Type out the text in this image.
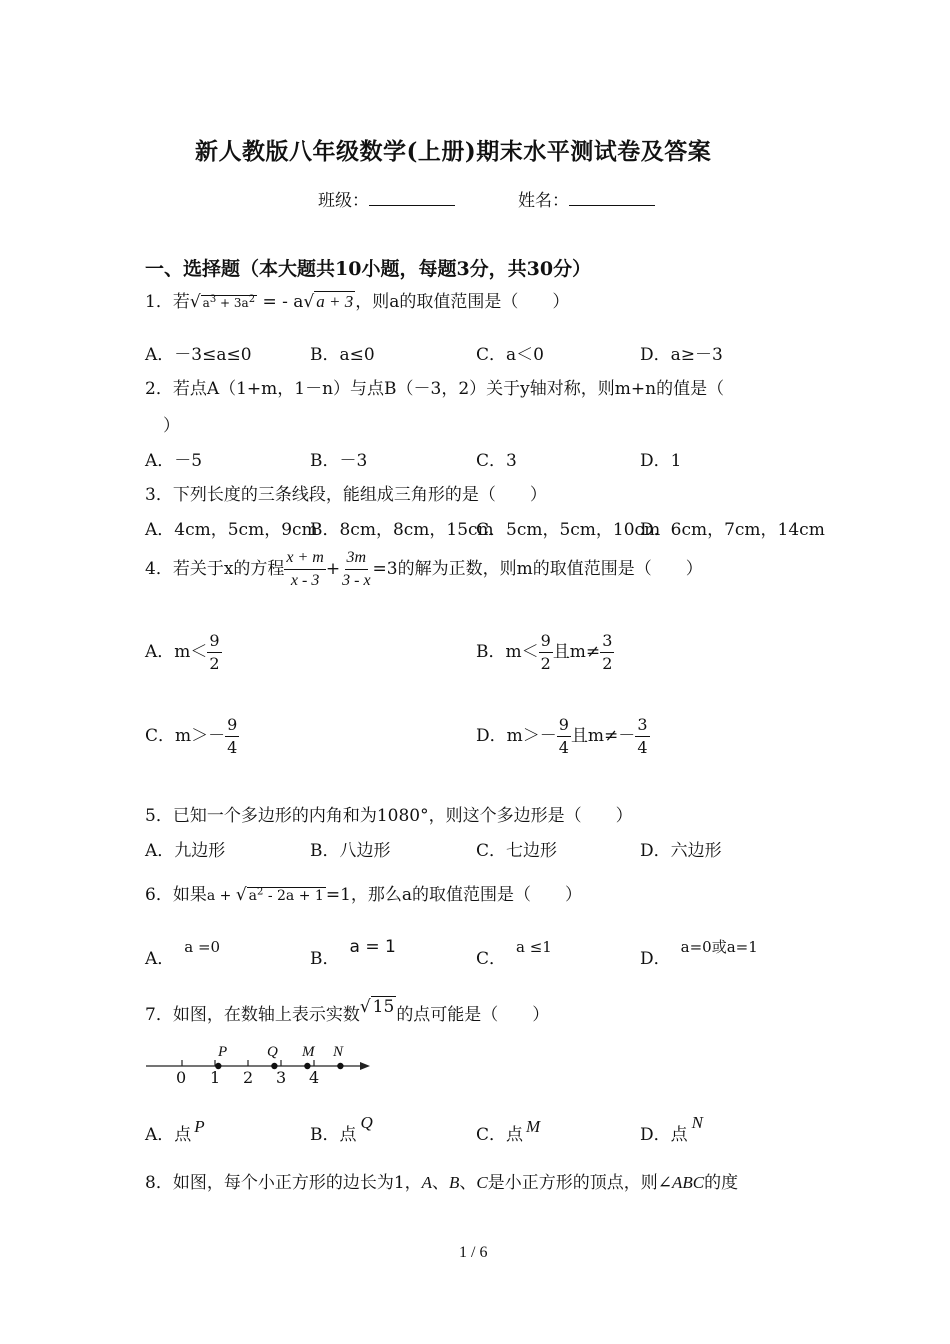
新人教版八年级数学(上册)期末水平测试卷及答案
班级：	姓名：
一、选择题（本大题共10小题，每题3分，共30分）
1．若√ $a^3 + 3a^2$ = - a√ a + 3 ，则a的取值范围是（　　）
A．－3≤a≤0	B．a≤0	C．a＜0	D．a≥－3
2．若点A（1+m，1－n）与点B（－3，2）关于y轴对称，则m+n的值是（
）
A．－5	B．－3	C．3	D．1
3．下列长度的三条线段，能组成三角形的是（　　）
A．4cm，5cm，9cm
B．8cm，8cm，15cm
C．5cm，5cm，10cm
D．6cm，7cm，14cm
4．若关于x的方程 $\frac{x + m}{x - 3} + \frac{3m}{3 - x} =3$的解为正数，则m的取值范围是（　　）
A．$m< \frac{9}{2}$	B．$m< \frac{9}{2}$ 且$m\ne \frac{3}{2}$
C．$m>- \frac{9}{4}$	D．$m>- \frac{9}{4}$ 且$m\ne- \frac{3}{4}$
5．已知一个多边形的内角和为1080°，则这个多边形是（　　）
A．九边形	B．八边形	C．七边形	D．六边形
6．如果a + √ $a^2 - 2a + 1 =1$，那么a的取值范围是（　　）
A．a =0
B．a = 1
C．a ≤1
D．a=0或a=1
7．如图，在数轴上表示实数√ 15 的点可能是（　　）
0 1 2 3 4
P	Q M N
A．点 P	B．点Q
C．点 M	D．点N
8．如图，每个小正方形的边长为1，A、B、C是小正方形的顶点，则∠ABC的度
1 / 6
